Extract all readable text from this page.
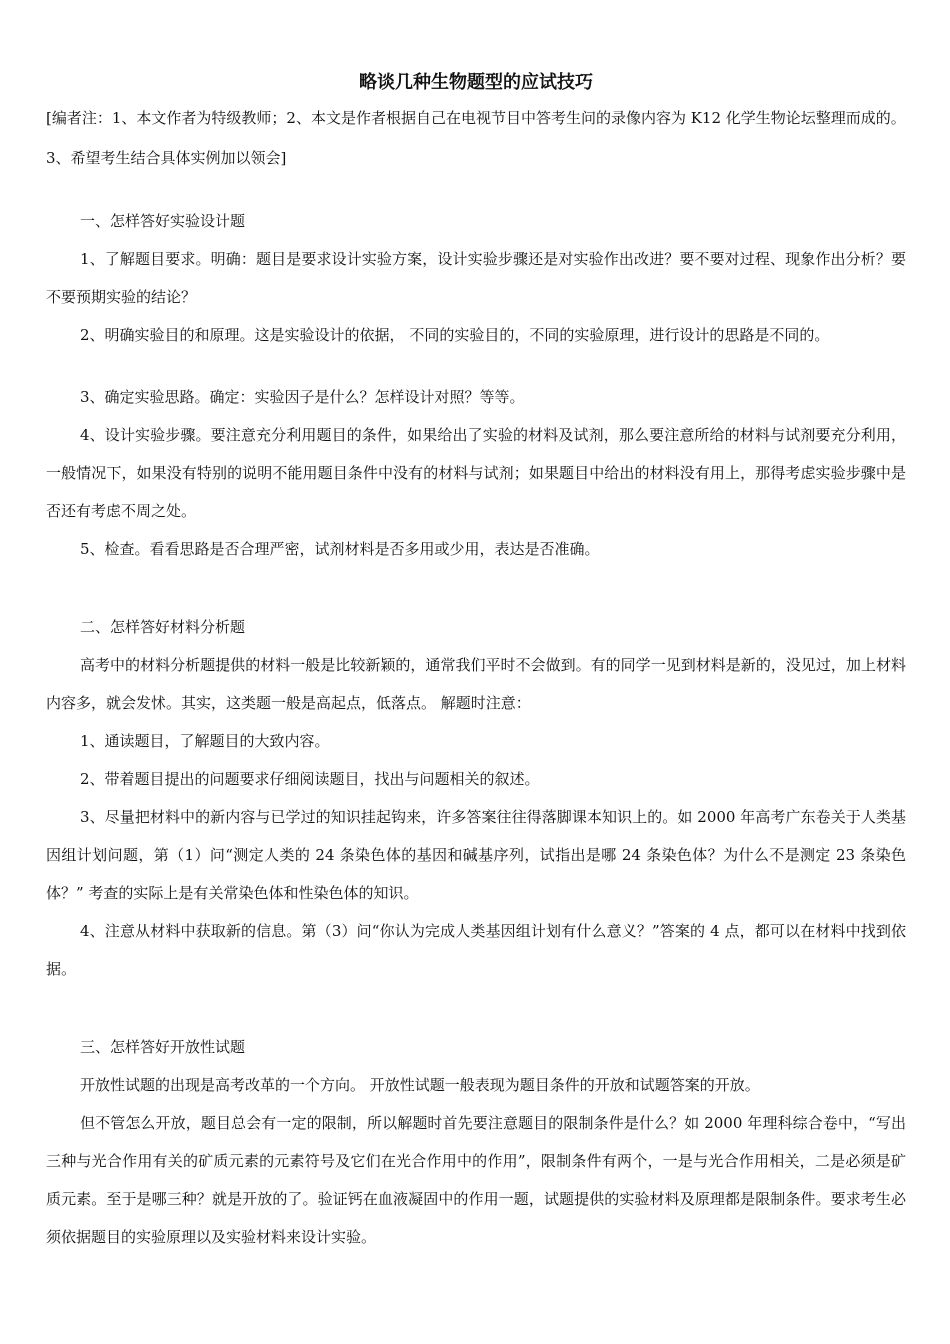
略谈几种生物题型的应试技巧

[编者注：1、本文作者为特级教师；2、本文是作者根据自己在电视节目中答考生问的录像内容为 K12 化学生物论坛整理而成的。3、希望考生结合具体实例加以领会]

一、怎样答好实验设计题

1、了解题目要求。明确：题目是要求设计实验方案，设计实验步骤还是对实验作出改进？要不要对过程、现象作出分析？要不要预期实验的结论？

2、明确实验目的和原理。这是实验设计的依据， 不同的实验目的，不同的实验原理，进行设计的思路是不同的。

3、确定实验思路。确定：实验因子是什么？怎样设计对照？等等。

4、设计实验步骤。要注意充分利用题目的条件，如果给出了实验的材料及试剂，那么要注意所给的材料与试剂要充分利用，一般情况下，如果没有特别的说明不能用题目条件中没有的材料与试剂；如果题目中给出的材料没有用上，那得考虑实验步骤中是否还有考虑不周之处。

5、检查。看看思路是否合理严密，试剂材料是否多用或少用，表达是否准确。

二、怎样答好材料分析题

高考中的材料分析题提供的材料一般是比较新颖的，通常我们平时不会做到。有的同学一见到材料是新的，没见过，加上材料内容多，就会发怵。其实，这类题一般是高起点，低落点。 解题时注意：

1、通读题目，了解题目的大致内容。

2、带着题目提出的问题要求仔细阅读题目，找出与问题相关的叙述。

3、尽量把材料中的新内容与已学过的知识挂起钩来，许多答案往往得落脚课本知识上的。如 2000 年高考广东卷关于人类基因组计划问题，第（1）问“测定人类的 24 条染色体的基因和碱基序列，试指出是哪 24 条染色体？为什么不是测定 23 条染色体？” 考查的实际上是有关常染色体和性染色体的知识。

4、注意从材料中获取新的信息。第（3）问“你认为完成人类基因组计划有什么意义？”答案的 4 点，都可以在材料中找到依据。

三、怎样答好开放性试题

开放性试题的出现是高考改革的一个方向。 开放性试题一般表现为题目条件的开放和试题答案的开放。

但不管怎么开放，题目总会有一定的限制，所以解题时首先要注意题目的限制条件是什么？如 2000 年理科综合卷中，“写出三种与光合作用有关的矿质元素的元素符号及它们在光合作用中的作用”，限制条件有两个，一是与光合作用相关，二是必须是矿质元素。至于是哪三种？就是开放的了。验证钙在血液凝固中的作用一题，试题提供的实验材料及原理都是限制条件。要求考生必须依据题目的实验原理以及实验材料来设计实验。
